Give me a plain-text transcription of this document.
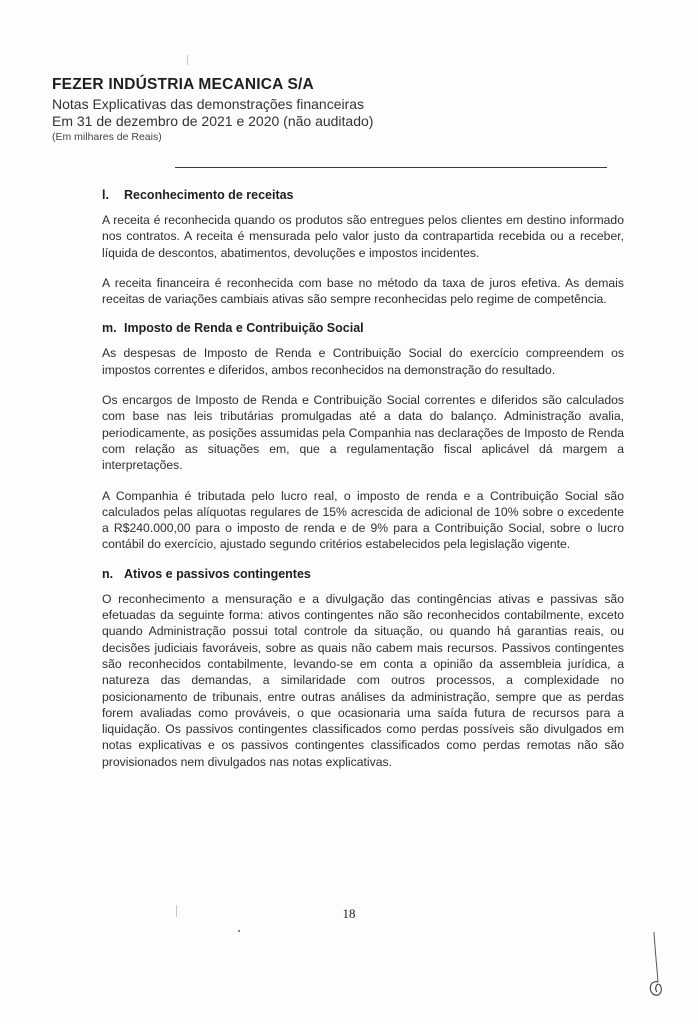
FEZER INDÚSTRIA MECANICA S/A
Notas Explicativas das demonstrações financeiras
Em 31 de dezembro de 2021 e 2020 (não auditado)
(Em milhares de Reais)
l. Reconhecimento de receitas

A receita é reconhecida quando os produtos são entregues pelos clientes em destino informado nos contratos. A receita é mensurada pelo valor justo da contrapartida recebida ou a receber, líquida de descontos, abatimentos, devoluções e impostos incidentes.

A receita financeira é reconhecida com base no método da taxa de juros efetiva. As demais receitas de variações cambiais ativas são sempre reconhecidas pelo regime de competência.

m. Imposto de Renda e Contribuição Social

As despesas de Imposto de Renda e Contribuição Social do exercício compreendem os impostos correntes e diferidos, ambos reconhecidos na demonstração do resultado.

Os encargos de Imposto de Renda e Contribuição Social correntes e diferidos são calculados com base nas leis tributárias promulgadas até a data do balanço. Administração avalia, periodicamente, as posições assumidas pela Companhia nas declarações de Imposto de Renda com relação as situações em, que a regulamentação fiscal aplicável dá margem a interpretações.

A Companhia é tributada pelo lucro real, o imposto de renda e a Contribuição Social são calculados pelas alíquotas regulares de 15% acrescida de adicional de 10% sobre o excedente a R$240.000,00 para o imposto de renda e de 9% para a Contribuição Social, sobre o lucro contábil do exercício, ajustado segundo critérios estabelecidos pela legislação vigente.

n. Ativos e passivos contingentes

O reconhecimento a mensuração e a divulgação das contingências ativas e passivas são efetuadas da seguinte forma: ativos contingentes não são reconhecidos contabilmente, exceto quando Administração possui total controle da situação, ou quando há garantias reais, ou decisões judiciais favoráveis, sobre as quais não cabem mais recursos. Passivos contingentes são reconhecidos contabilmente, levando-se em conta a opinião da assembleia jurídica, a natureza das demandas, a similaridade com outros processos, a complexidade no posicionamento de tribunais, entre outras análises da administração, sempre que as perdas forem avaliadas como prováveis, o que ocasionaria uma saída futura de recursos para a liquidação. Os passivos contingentes classificados como perdas possíveis são divulgados em notas explicativas e os passivos contingentes classificados como perdas remotas não são provisionados nem divulgados nas notas explicativas.

18
